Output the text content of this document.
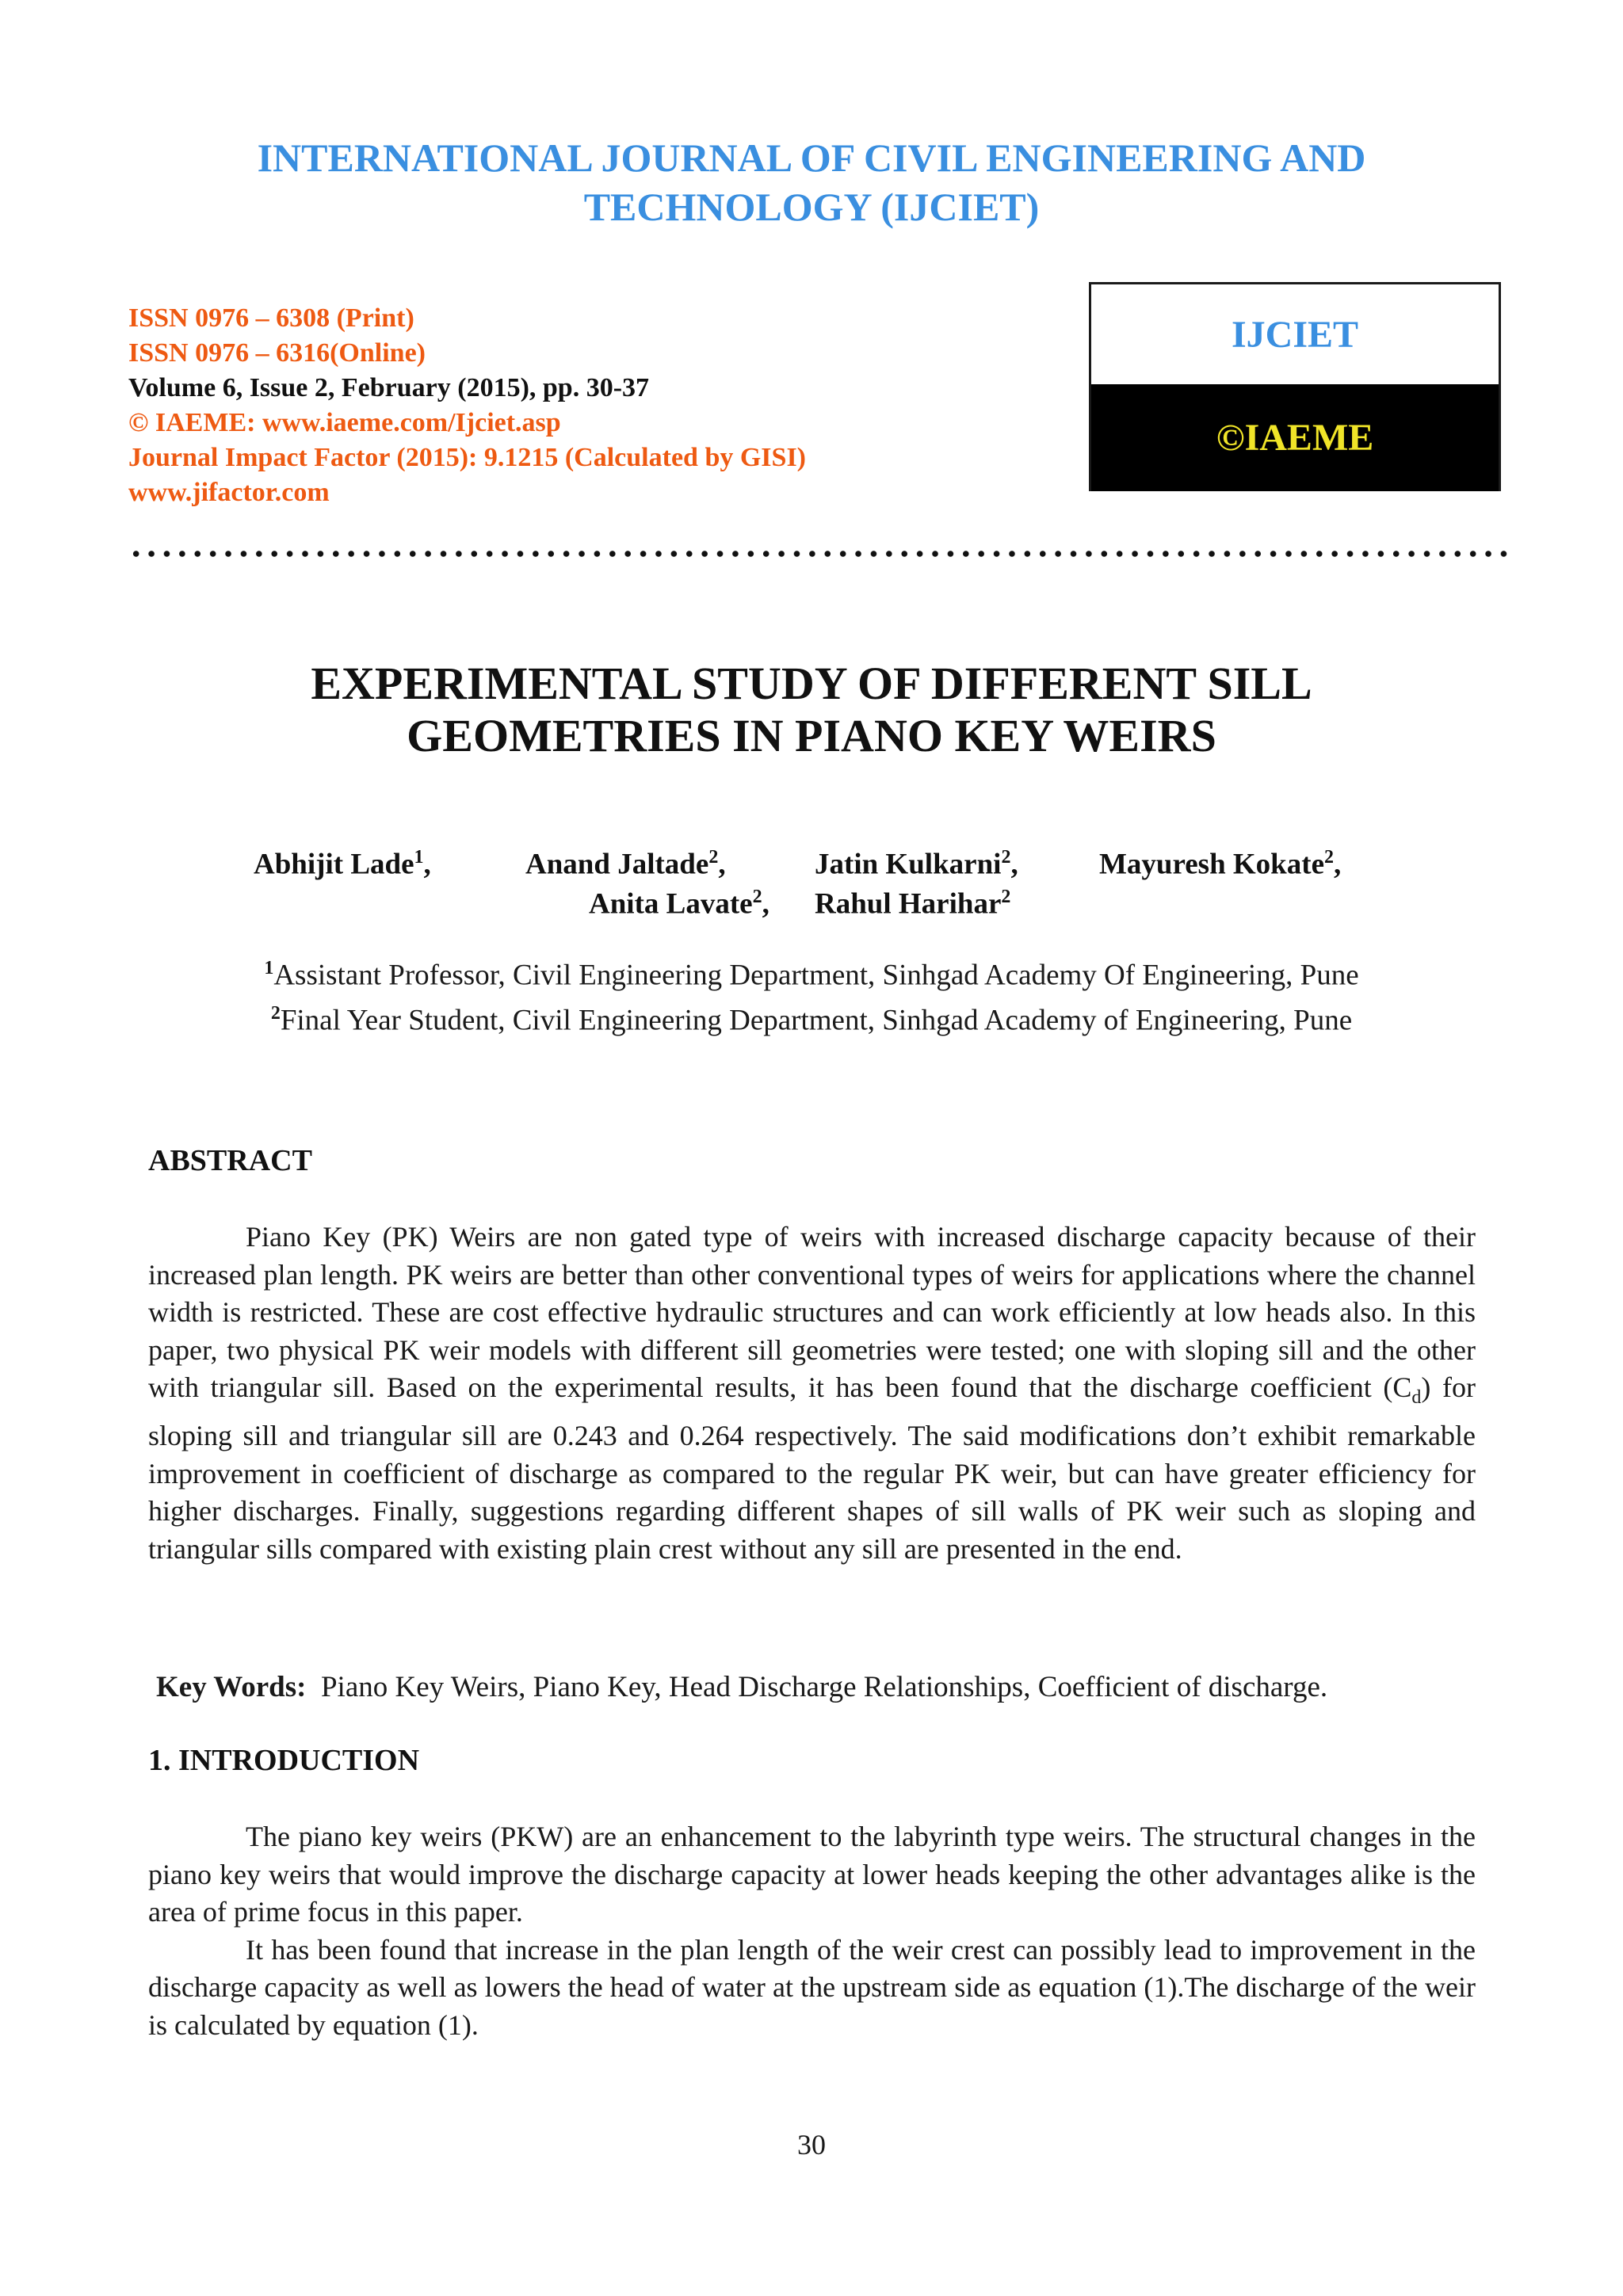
INTERNATIONAL JOURNAL OF CIVIL ENGINEERING AND
TECHNOLOGY (IJCIET)
ISSN 0976 – 6308 (Print)
ISSN 0976 – 6316(Online)
Volume 6, Issue 2, February (2015), pp. 30-37
© IAEME: www.iaeme.com/Ijciet.asp
Journal Impact Factor (2015): 9.1215 (Calculated by GISI)
www.jifactor.com
IJCIET
©IAEME
EXPERIMENTAL STUDY OF DIFFERENT SILL
GEOMETRIES IN PIANO KEY WEIRS
Abhijit Lade$^1$,	Anand Jaltade$^2$,	Jatin Kulkarni$^2$,	Mayuresh Kokate$^2$,
Anita Lavate$^2$, Rahul Harihar$^2$
$^1$Assistant Professor, Civil Engineering Department, Sinhgad Academy Of Engineering, Pune
$^2$Final Year Student, Civil Engineering Department, Sinhgad Academy of Engineering, Pune
ABSTRACT

Piano Key (PK) Weirs are non gated type of weirs with increased discharge capacity because of their increased plan length. PK weirs are better than other conventional types of weirs for applications where the channel width is restricted. These are cost effective hydraulic structures and can work efficiently at low heads also. In this paper, two physical PK weir models with different sill geometries were tested; one with sloping sill and the other with triangular sill. Based on the experimental results, it has been found that the discharge coefficient $(C_d)$ for sloping sill and triangular sill are 0.243 and 0.264 respectively. The said modifications don’t exhibit remarkable improvement in coefficient of discharge as compared to the regular PK weir, but can have greater efficiency for higher discharges. Finally, suggestions regarding different shapes of sill walls of PK weir such as sloping and triangular sills compared with existing plain crest without any sill are presented in the end.

Key Words: Piano Key Weirs, Piano Key, Head Discharge Relationships, Coefficient of discharge.
1. INTRODUCTION

The piano key weirs (PKW) are an enhancement to the labyrinth type weirs. The structural changes in the piano key weirs that would improve the discharge capacity at lower heads keeping the other advantages alike is the area of prime focus in this paper.

It has been found that increase in the plan length of the weir crest can possibly lead to improvement in the discharge capacity as well as lowers the head of water at the upstream side as equation (1).The discharge of the weir is calculated by equation (1).

30
